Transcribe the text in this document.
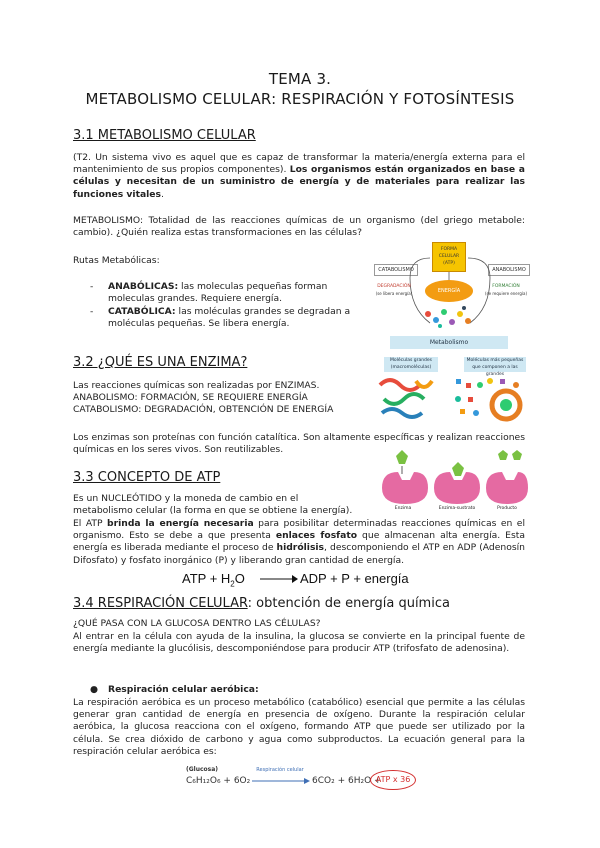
TEMA 3.
METABOLISMO CELULAR: RESPIRACIÓN Y FOTOSÍNTESIS
3.1 METABOLISMO CELULAR
(T2. Un sistema vivo es aquel que es capaz de transformar la materia/energía externa para el mantenimiento de sus propios componentes). Los organismos están organizados en base a células y necesitan de un suministro de energía y de materiales para realizar las funciones vitales.
METABOLISMO: Totalidad de las reacciones químicas de un organismo (del griego metabole: cambio). ¿Quién realiza estas transformaciones en las células?
Rutas Metabólicas:
- ANABÓLICAS: las moleculas pequeñas forman moleculas grandes. Requiere energía.
- CATABÓLICA: las moléculas grandes se degradan a moléculas pequeñas. Se libera energía.
CATABOLISMO	ANABOLISMO
FORMA CELULAR (ATP)
ENERGÍA
DEGRADACIÓN
(se libera energía)
FORMACIÓN
(se requiere energía)
Metabolismo
3.2 ¿QUÉ ES UNA ENZIMA?
Las reacciones químicas son realizadas por ENZIMAS.
ANABOLISMO: FORMACIÓN, SE REQUIERE ENERGÍA
CATABOLISMO: DEGRADACIÓN, OBTENCIÓN DE ENERGÍA
Los enzimas son proteínas con función catalítica. Son altamente específicas y realizan reacciones químicas en los seres vivos. Son reutilizables.
Moléculas grandes (macromoléculas)
Moléculas más pequeñas que componen a las grandes
3.3 CONCEPTO DE ATP
Es un NUCLEÓTIDO y la moneda de cambio en el metabolismo celular (la forma en que se obtiene la energía).
El ATP brinda la energía necesaria para posibilitar determinadas reacciones químicas en el organismo. Esto se debe a que presenta enlaces fosfato que almacenan alta energía. Esta energía es liberada mediante el proceso de hidrólisis, descomponiendo el ATP en ADP (Adenosín Difosfato) y fosfato inorgánico (P) y liberando gran cantidad de energía.
ATP + $H_2O$	ADP + P + energía
Enzima	Enzima-sustrato	Producto
3.4 RESPIRACIÓN CELULAR: obtención de energía química
¿QUÉ PASA CON LA GLUCOSA DENTRO LAS CÉLULAS?
Al entrar en la célula con ayuda de la insulina, la glucosa se convierte en la principal fuente de energía mediante la glucólisis, descomponiéndose para producir ATP (trifosfato de adenosina).
● Respiración celular aeróbica:
La respiración aeróbica es un proceso metabólico (catabólico) esencial que permite a las células generar gran cantidad de energía en presencia de oxígeno. Durante la respiración celular aeróbica, la glucosa reacciona con el oxígeno, formando ATP que puede ser utilizado por la célula. Se crea dióxido de carbono y agua como subproductos. La ecuación general para la respiración celular aeróbica es:
(Glucosa)
C₆H₁₂O₆ + 6O₂
Respiración celular
6CO₂ + 6H₂O +
ATP x 36
